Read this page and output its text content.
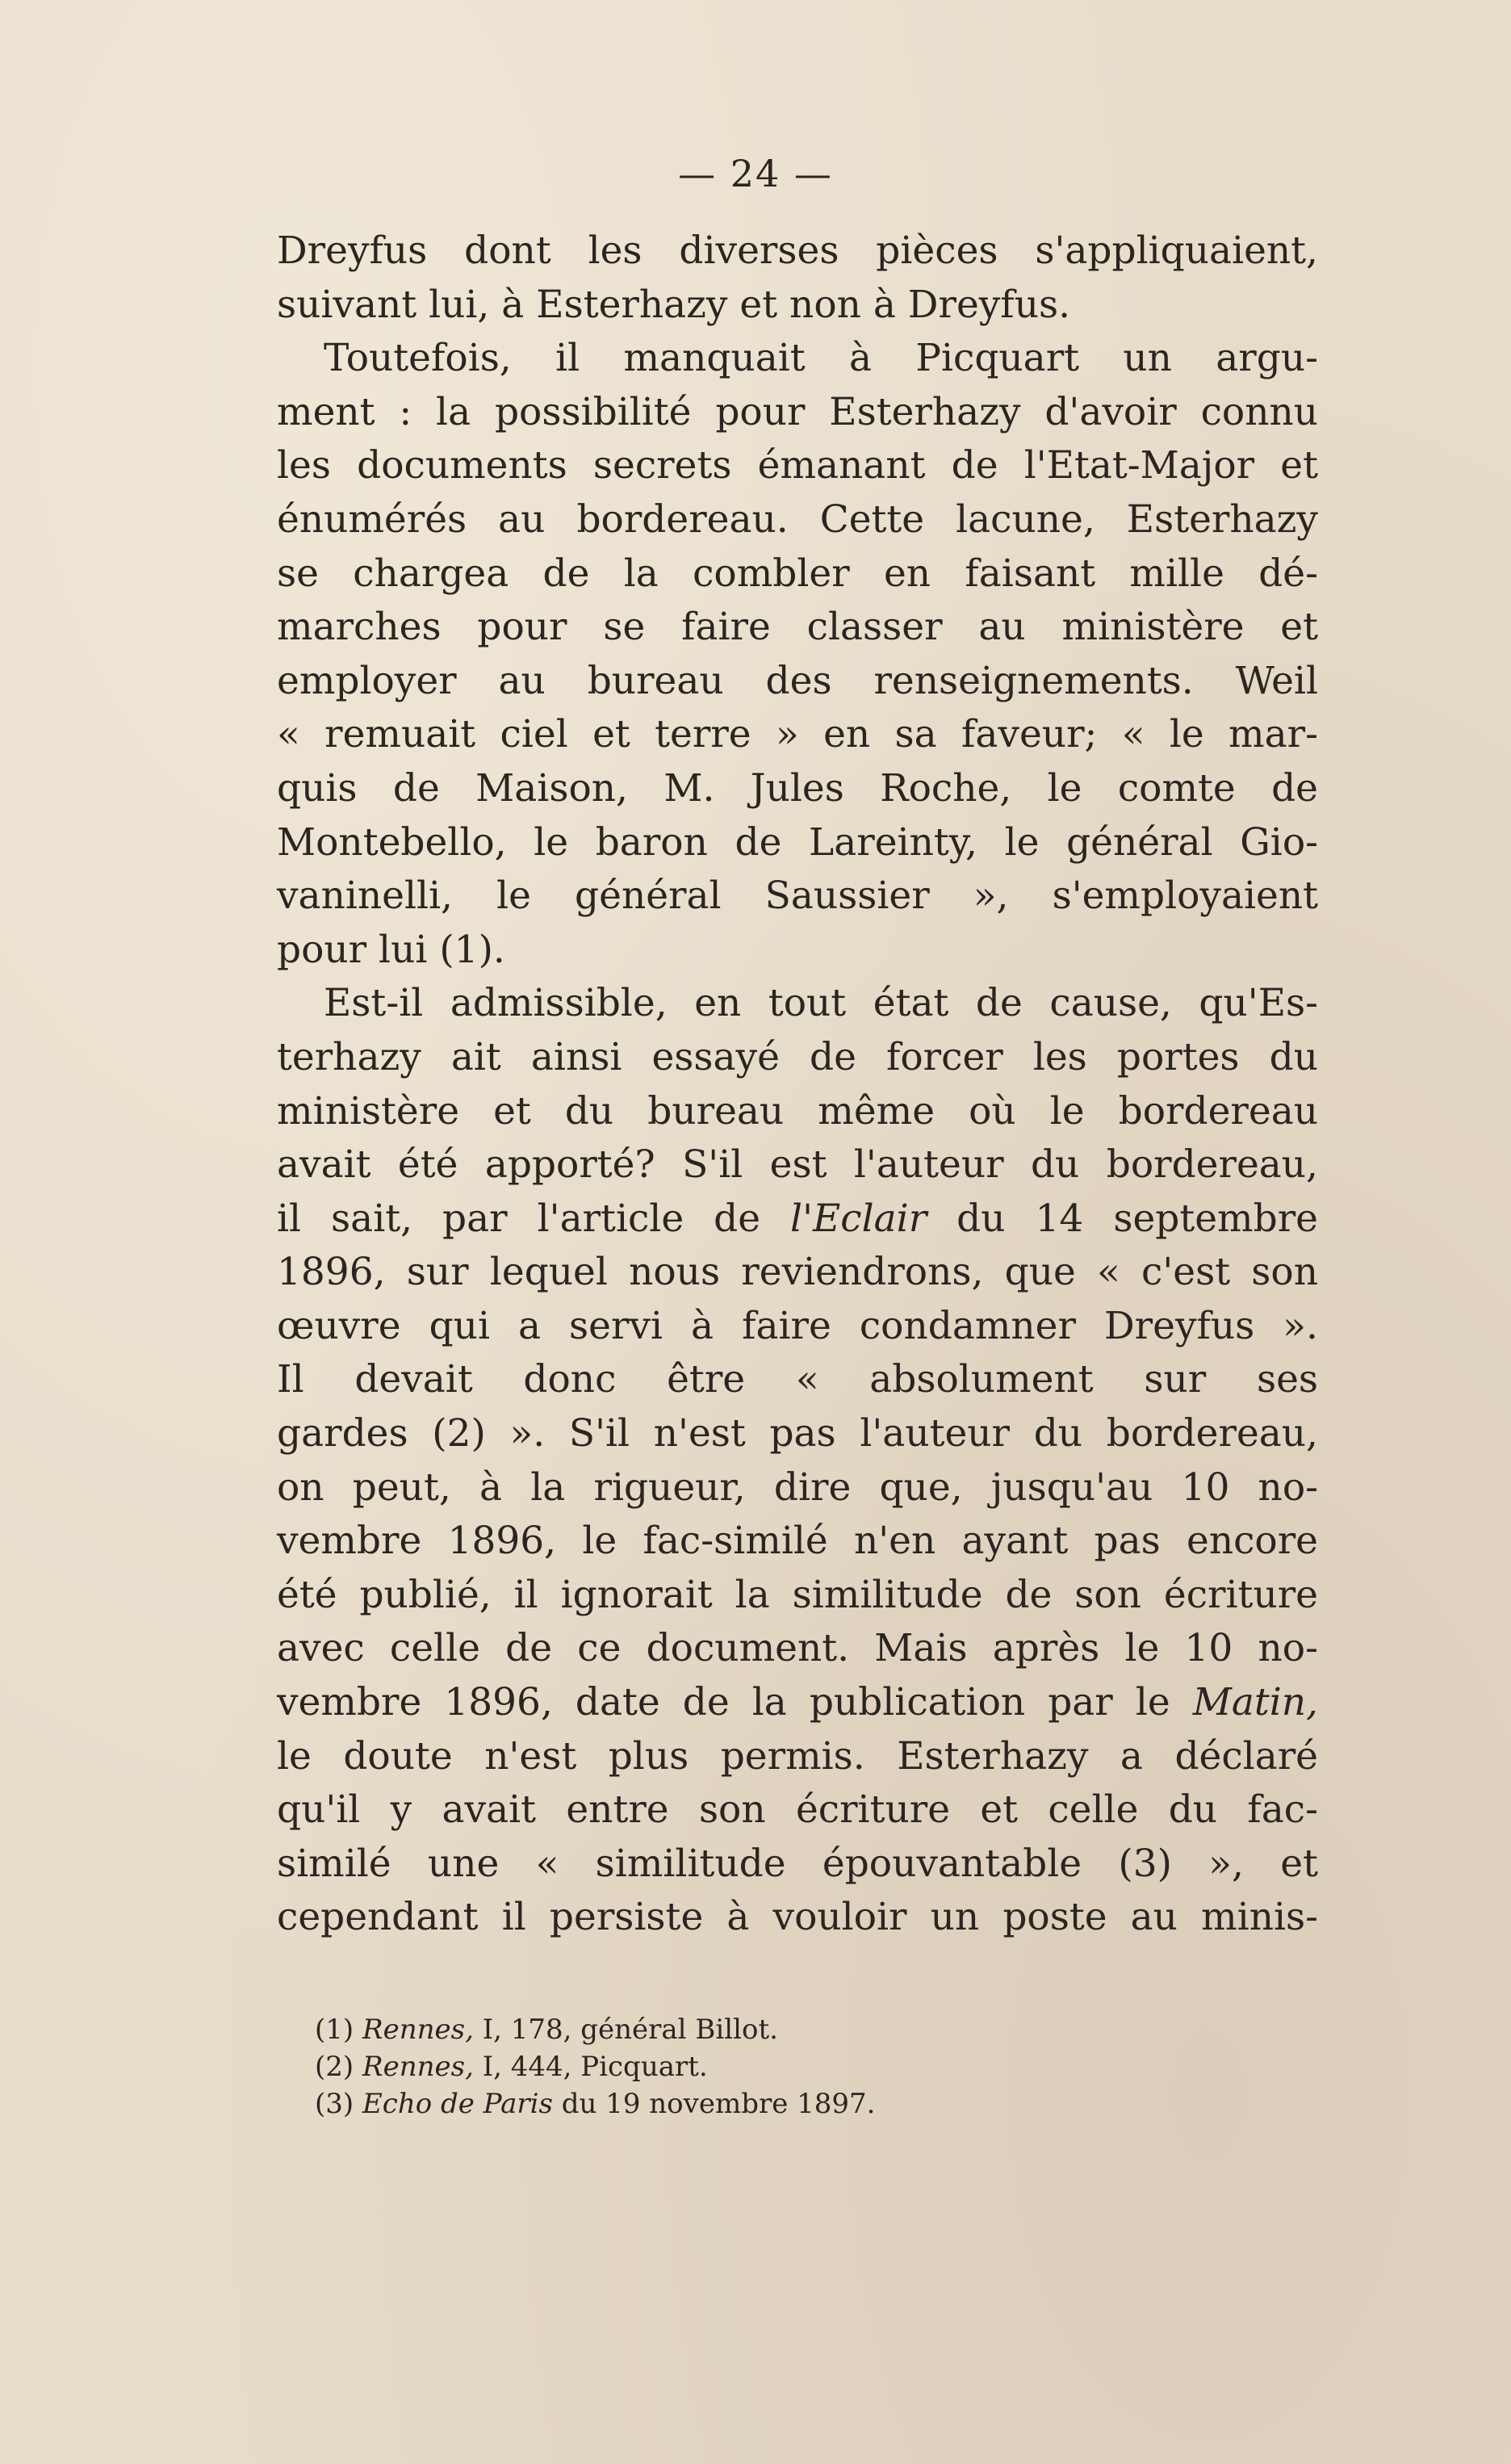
— 24 —
Dreyfus dont les diverses pièces s'appliquaient,
suivant lui, à Esterhazy et non à Dreyfus.
Toutefois, il manquait à Picquart un argu-
ment : la possibilité pour Esterhazy d'avoir connu
les documents secrets émanant de l'Etat-Major et
énumérés au bordereau. Cette lacune, Esterhazy
se chargea de la combler en faisant mille dé-
marches pour se faire classer au ministère et
employer au bureau des renseignements. Weil
« remuait ciel et terre » en sa faveur; « le mar-
quis de Maison, M. Jules Roche, le comte de
Montebello, le baron de Lareinty, le général Gio-
vaninelli, le général Saussier », s'employaient
pour lui (1).
Est-il admissible, en tout état de cause, qu'Es-
terhazy ait ainsi essayé de forcer les portes du
ministère et du bureau même où le bordereau
avait été apporté? S'il est l'auteur du bordereau,
il sait, par l'article de l'Eclair du 14 septembre
1896, sur lequel nous reviendrons, que « c'est son
œuvre qui a servi à faire condamner Dreyfus ».
Il devait donc être « absolument sur ses
gardes (2) ». S'il n'est pas l'auteur du bordereau,
on peut, à la rigueur, dire que, jusqu'au 10 no-
vembre 1896, le fac-similé n'en ayant pas encore
été publié, il ignorait la similitude de son écriture
avec celle de ce document. Mais après le 10 no-
vembre 1896, date de la publication par le Matin,
le doute n'est plus permis. Esterhazy a déclaré
qu'il y avait entre son écriture et celle du fac-
similé une « similitude épouvantable (3) », et
cependant il persiste à vouloir un poste au minis-
(1) Rennes, I, 178, général Billot.
(2) Rennes, I, 444, Picquart.
(3) Echo de Paris du 19 novembre 1897.
